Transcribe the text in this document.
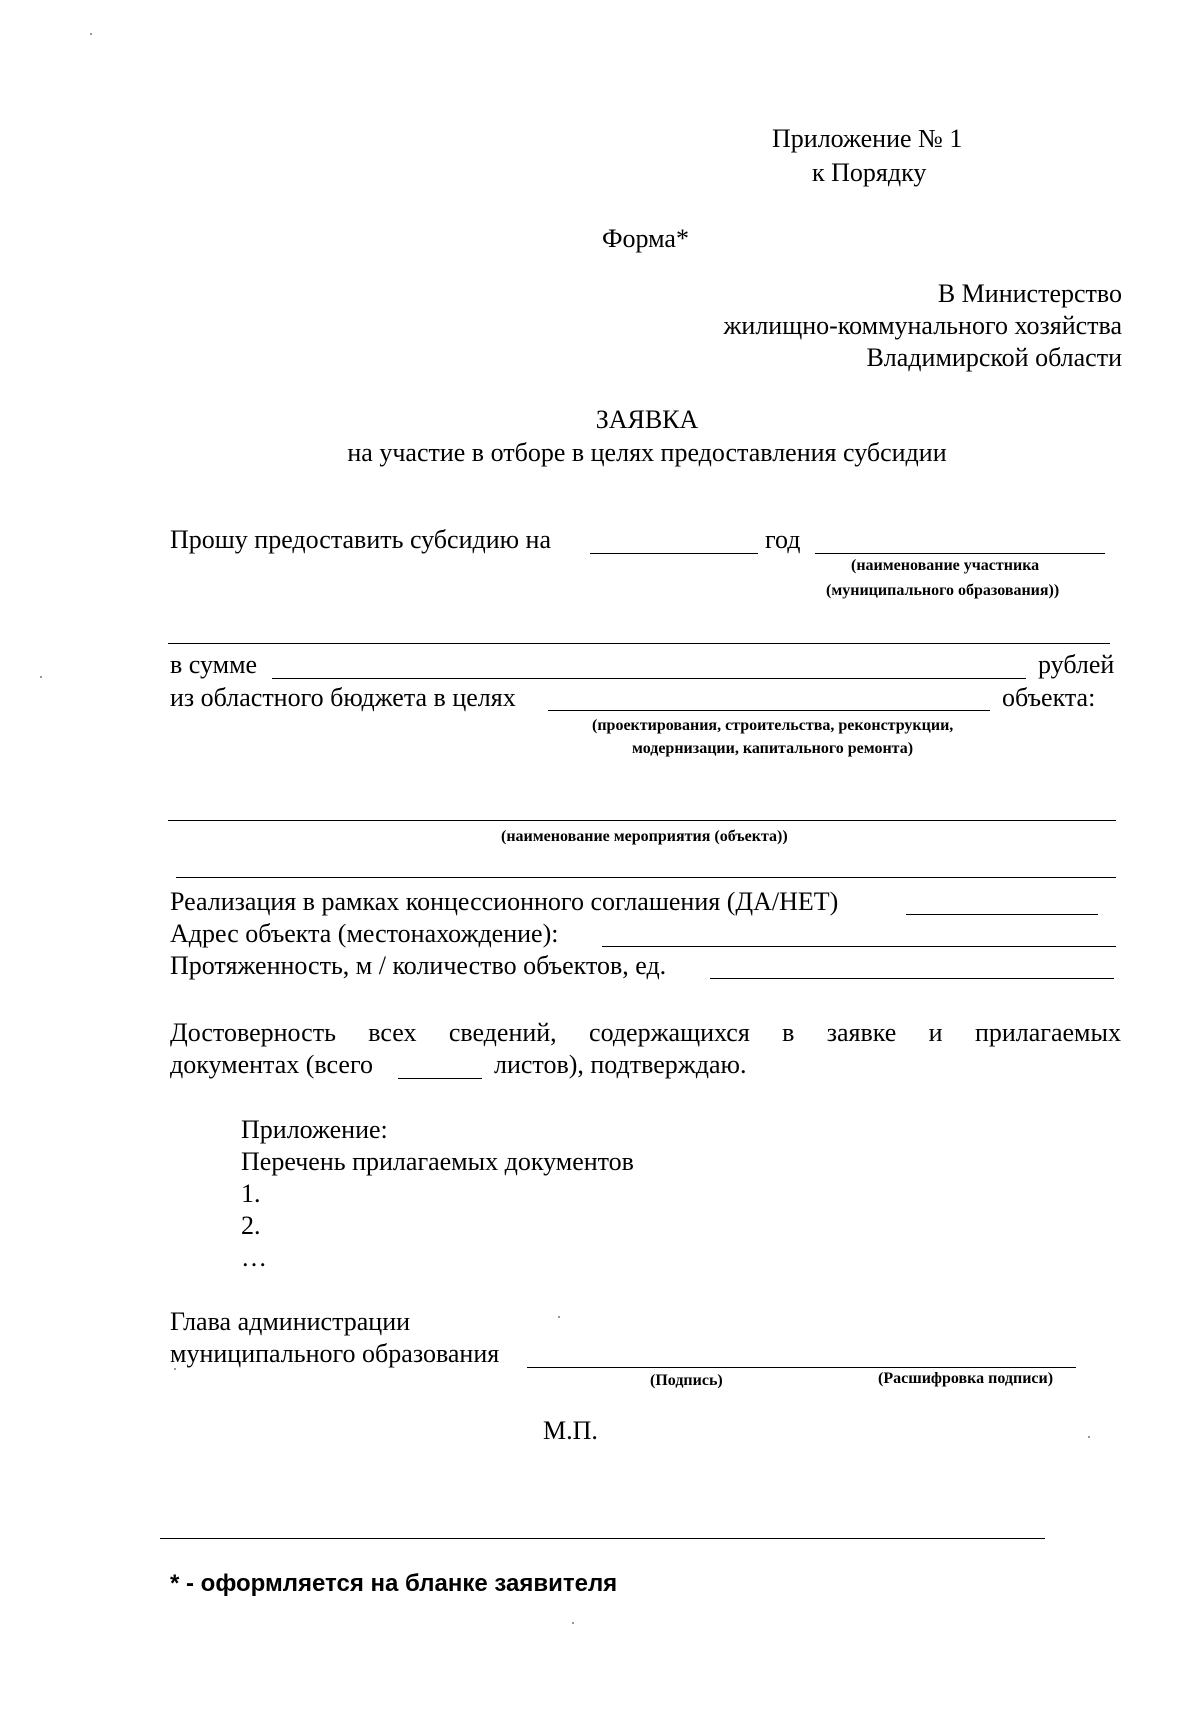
Приложение № 1
к Порядку
Форма*
В Министерство
жилищно-коммунального хозяйства
Владимирской области
ЗАЯВКА
на участие в отборе в целях предоставления субсидии
Прошу предоставить субсидию на	год
(наименование участника
(муниципального образования))
в сумме	рублей
из областного бюджета в целях	объекта:
(проектирования, строительства, реконструкции,
модернизации, капитального ремонта)
(наименование мероприятия (объекта))
Реализация в рамках концессионного соглашения (ДА/НЕТ)
Адрес объекта (местонахождение):
Протяженность, м / количество объектов, ед.
Достоверность всех сведений, содержащихся в заявке и прилагаемых
документах (всего	листов), подтверждаю.
Приложение:
Перечень прилагаемых документов
1.
2.
…
Глава администрации
муниципального образования
(Подпись)	(Расшифровка подписи)
М.П.
* - оформляется на бланке заявителя
